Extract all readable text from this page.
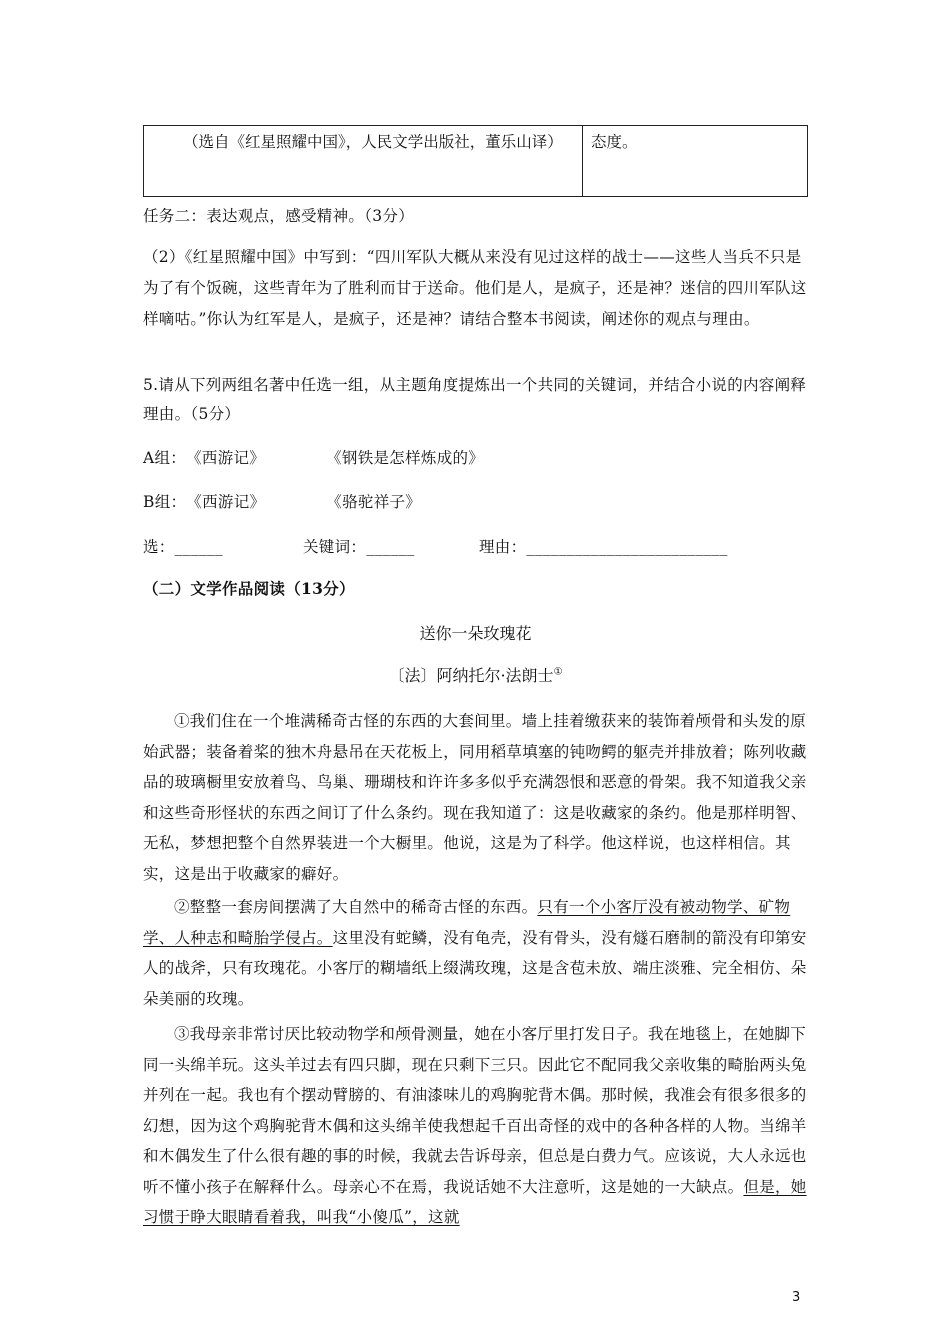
（选自《红星照耀中国》，人民文学出版社，董乐山译）	态度。
任务二：表达观点，感受精神。（3分）
（2）《红星照耀中国》中写到：“四川军队大概从来没有见过这样的战士——这些人当兵不只是为了有个饭碗，这些青年为了胜利而甘于送命。他们是人，是疯子，还是神？迷信的四川军队这样嘀咕。”你认为红军是人，是疯子，还是神？请结合整本书阅读，阐述你的观点与理由。
5.请从下列两组名著中任选一组，从主题角度提炼出一个共同的关键词，并结合小说的内容阐释理由。（5分）
A组： 《西游记》	《钢铁是怎样炼成的》
B组： 《西游记》	《骆驼祥子》
选：______	关键词：______	理由：_________________________
（二）文学作品阅读（13分）
送你一朵玫瑰花
〔法〕阿纳托尔·法朗士①
①我们住在一个堆满稀奇古怪的东西的大套间里。墙上挂着缴获来的装饰着颅骨和头发的原始武器；装备着桨的独木舟悬吊在天花板上，同用稻草填塞的钝吻鳄的躯壳并排放着；陈列收藏品的玻璃橱里安放着鸟、鸟巢、珊瑚枝和许许多多似乎充满怨恨和恶意的骨架。我不知道我父亲和这些奇形怪状的东西之间订了什么条约。现在我知道了：这是收藏家的条约。他是那样明智、无私，梦想把整个自然界装进一个大橱里。他说，这是为了科学。他这样说，也这样相信。其实，这是出于收藏家的癖好。
②整整一套房间摆满了大自然中的稀奇古怪的东西。只有一个小客厅没有被动物学、矿物学、人种志和畸胎学侵占。这里没有蛇鳞，没有龟壳，没有骨头，没有燧石磨制的箭没有印第安人的战斧，只有玫瑰花。小客厅的糊墙纸上缀满玫瑰，这是含苞未放、端庄淡雅、完全相仿、朵朵美丽的玫瑰。
③我母亲非常讨厌比较动物学和颅骨测量，她在小客厅里打发日子。我在地毯上，在她脚下同一头绵羊玩。这头羊过去有四只脚，现在只剩下三只。因此它不配同我父亲收集的畸胎两头兔并列在一起。我也有个摆动臂膀的、有油漆味儿的鸡胸驼背木偶。那时候，我准会有很多很多的幻想，因为这个鸡胸驼背木偶和这头绵羊使我想起千百出奇怪的戏中的各种各样的人物。当绵羊和木偶发生了什么很有趣的事的时候，我就去告诉母亲，但总是白费力气。应该说，大人永远也听不懂小孩子在解释什么。母亲心不在焉，我说话她不大注意听，这是她的一大缺点。但是，她习惯于睁大眼睛看着我，叫我“小傻瓜”，这就
3
